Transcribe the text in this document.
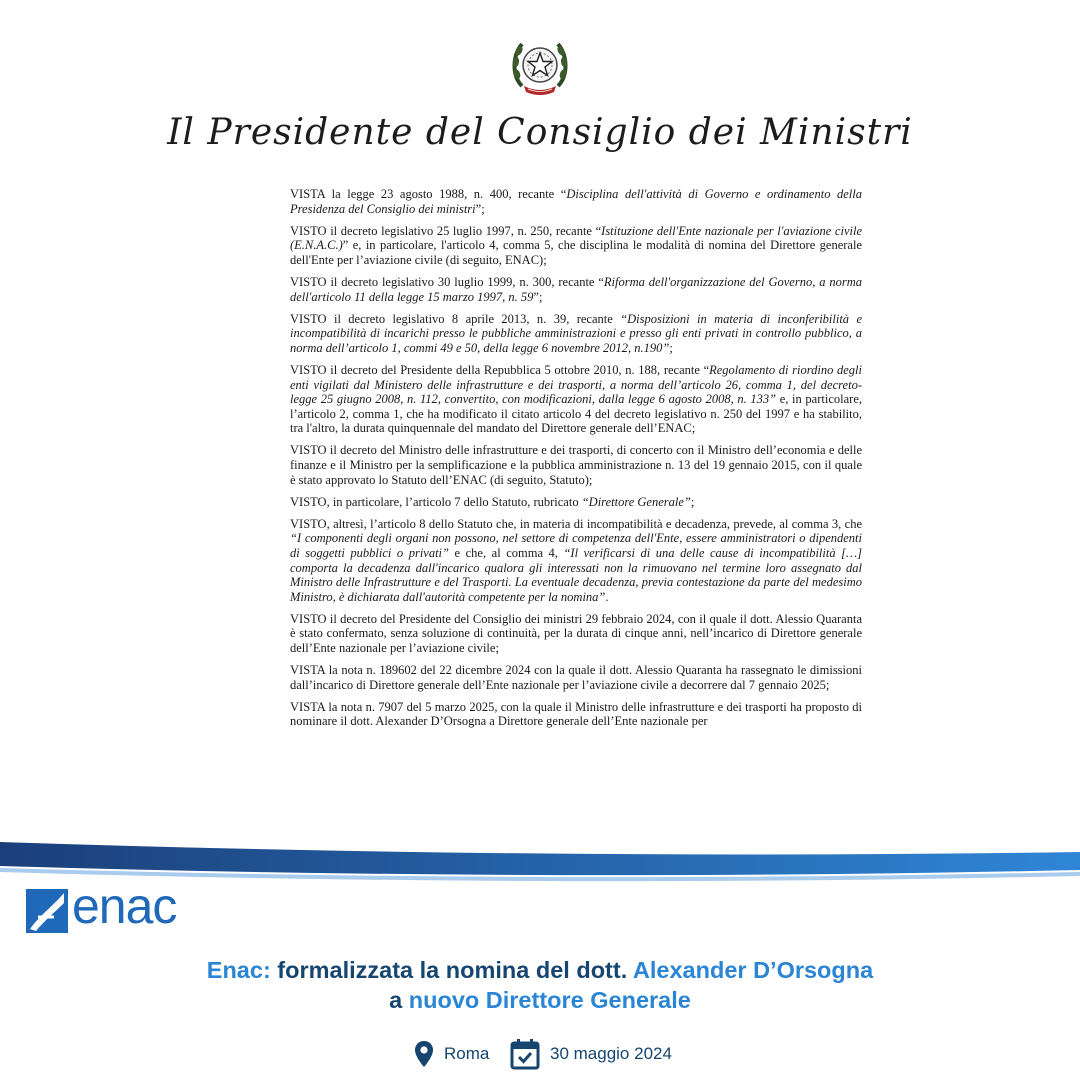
Il Presidente del Consiglio dei Ministri

VISTA la legge 23 agosto 1988, n. 400, recante “Disciplina dell'attività di Governo e ordinamento della Presidenza del Consiglio dei ministri”;

VISTO il decreto legislativo 25 luglio 1997, n. 250, recante “Istituzione dell'Ente nazionale per l'aviazione civile (E.N.A.C.)” e, in particolare, l'articolo 4, comma 5, che disciplina le modalità di nomina del Direttore generale dell'Ente per l’aviazione civile (di seguito, ENAC);

VISTO il decreto legislativo 30 luglio 1999, n. 300, recante “Riforma dell'organizzazione del Governo, a norma dell'articolo 11 della legge 15 marzo 1997, n. 59”;

VISTO il decreto legislativo 8 aprile 2013, n. 39, recante “Disposizioni in materia di inconferibilità e incompatibilità di incarichi presso le pubbliche amministrazioni e presso gli enti privati in controllo pubblico, a norma dell’articolo 1, commi 49 e 50, della legge 6 novembre 2012, n.190”;

VISTO il decreto del Presidente della Repubblica 5 ottobre 2010, n. 188, recante “Regolamento di riordino degli enti vigilati dal Ministero delle infrastrutture e dei trasporti, a norma dell’articolo 26, comma 1, del decreto-legge 25 giugno 2008, n. 112, convertito, con modificazioni, dalla legge 6 agosto 2008, n. 133” e, in particolare, l’articolo 2, comma 1, che ha modificato il citato articolo 4 del decreto legislativo n. 250 del 1997 e ha stabilito, tra l'altro, la durata quinquennale del mandato del Direttore generale dell’ENAC;

VISTO il decreto del Ministro delle infrastrutture e dei trasporti, di concerto con il Ministro dell’economia e delle finanze e il Ministro per la semplificazione e la pubblica amministrazione n. 13 del 19 gennaio 2015, con il quale è stato approvato lo Statuto dell’ENAC (di seguito, Statuto);

VISTO, in particolare, l’articolo 7 dello Statuto, rubricato “Direttore Generale”;

VISTO, altresì, l’articolo 8 dello Statuto che, in materia di incompatibilità e decadenza, prevede, al comma 3, che “I componenti degli organi non possono, nel settore di competenza dell'Ente, essere amministratori o dipendenti di soggetti pubblici o privati” e che, al comma 4, “Il verificarsi di una delle cause di incompatibilità […] comporta la decadenza dall'incarico qualora gli interessati non la rimuovano nel termine loro assegnato dal Ministro delle Infrastrutture e del Trasporti. La eventuale decadenza, previa contestazione da parte del medesimo Ministro, è dichiarata dall'autorità competente per la nomina”.

VISTO il decreto del Presidente del Consiglio dei ministri 29 febbraio 2024, con il quale il dott. Alessio Quaranta è stato confermato, senza soluzione di continuità, per la durata di cinque anni, nell’incarico di Direttore generale dell’Ente nazionale per l’aviazione civile;

VISTA la nota n. 189602 del 22 dicembre 2024 con la quale il dott. Alessio Quaranta ha rassegnato le dimissioni dall’incarico di Direttore generale dell’Ente nazionale per l’aviazione civile a decorrere dal 7 gennaio 2025;

VISTA la nota n. 7907 del 5 marzo 2025, con la quale il Ministro delle infrastrutture e dei trasporti ha proposto di nominare il dott. Alexander D’Orsogna a Direttore generale dell’Ente nazionale per

enac
Enac: formalizzata la nomina del dott. Alexander D’Orsogna
a nuovo Direttore Generale
Roma	30 maggio 2024
